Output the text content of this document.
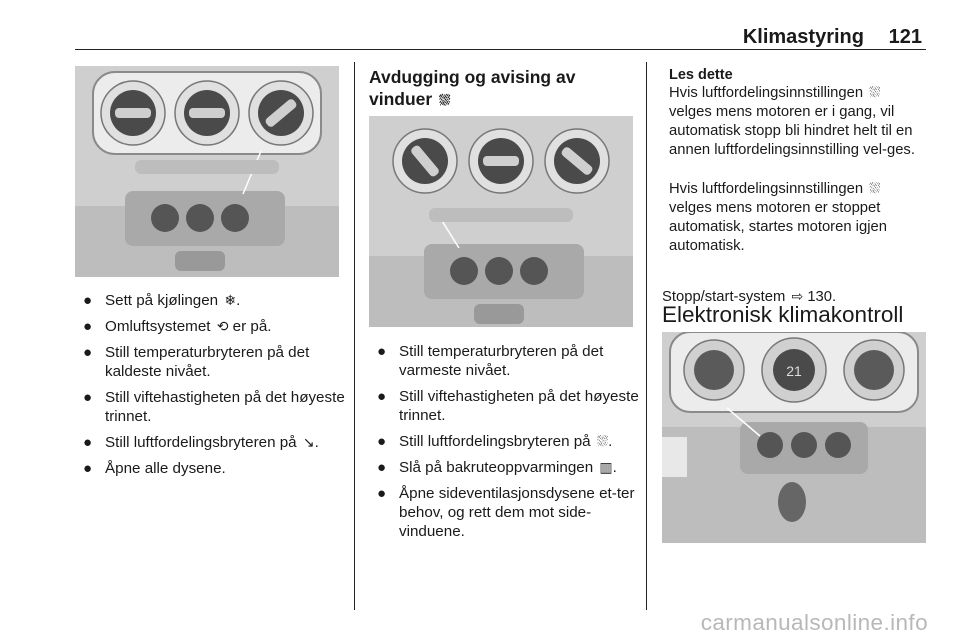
Klimastyring 121
● Sett på kjølingen ❄.
● Omluftsystemet ⟲ er på.
● Still temperaturbryteren på det kaldeste nivået.
● Still viftehastigheten på det høyeste trinnet.
● Still luftfordelingsbryteren på ↘.
● Åpne alle dysene.
Avdugging og avising av
vinduer ⛆
● Still temperaturbryteren på det varmeste nivået.
● Still viftehastigheten på det høyeste trinnet.
● Still luftfordelingsbryteren på ⛆.
● Slå på bakruteoppvarmingen ▥.
● Åpne sideventilasjonsdysene et-ter behov, og rett dem mot side-vinduene.
Les dette
Hvis luftfordelingsinnstillingen ⛆ velges mens motoren er i gang, vil automatisk stopp bli hindret helt til en annen luftfordelingsinnstilling vel-ges.
Hvis luftfordelingsinnstillingen ⛆ velges mens motoren er stoppet automatisk, startes motoren igjen automatisk.
Stopp/start-system ⇨ 130.
Elektronisk klimakontroll
21
carmanualsonline.info
